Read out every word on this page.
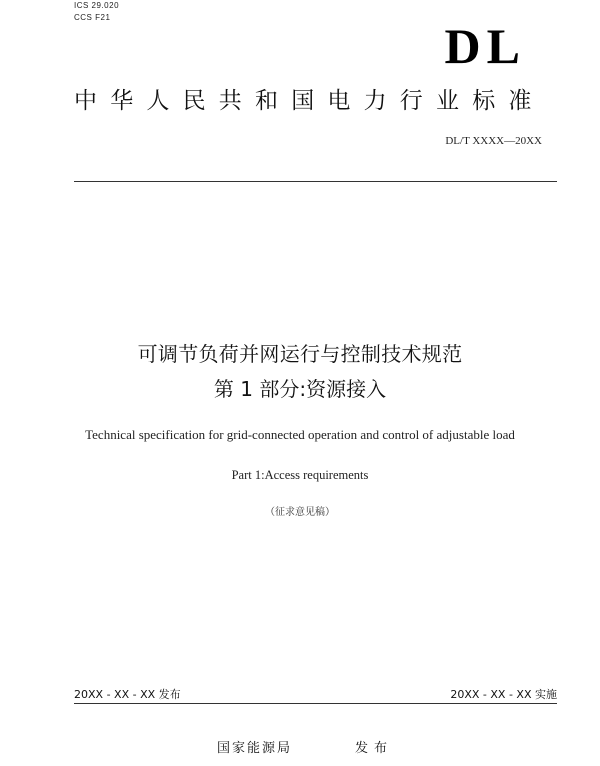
ICS 29.020
CCS F21
DL
中华人民共和国电力行业标准
DL/T XXXX—20XX
可调节负荷并网运行与控制技术规范
第 1 部分:资源接入
Technical specification for grid-connected operation and control of adjustable load
Part 1:Access requirements
（征求意见稿）
20XX - XX - XX 发布	20XX - XX - XX 实施
国家能源局	发布
